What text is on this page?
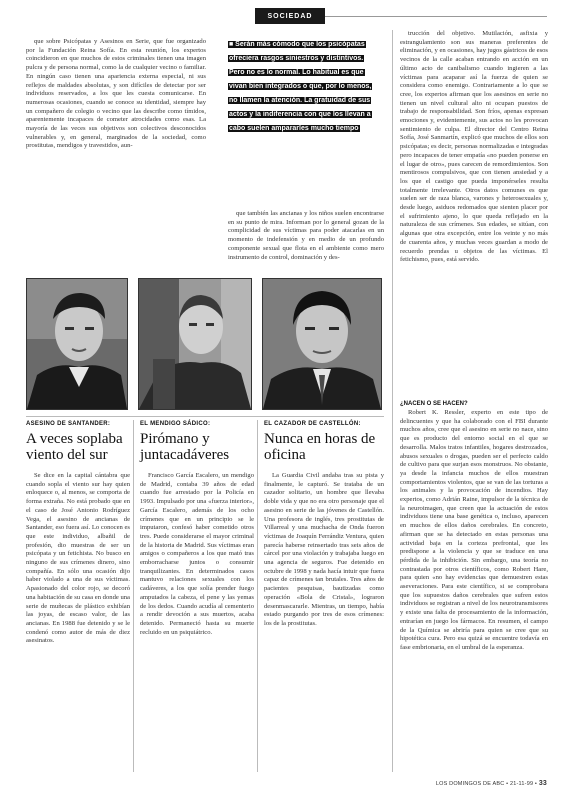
SOCIEDAD

que sobre Psicópatas y Asesinos en Serie, que fue organizado por la Fundación Reina Sofía. En esta reunión, los expertos coincidieron en que muchos de estos criminales tienen una imagen pulcra y de persona normal, como la de cualquier vecino o familiar. En ningún caso tienen una apariencia externa especial, ni sus reflejos de maldades absolutas, y son difíciles de detectar por ser individuos reservados, a los que les cuesta comunicarse. En numerosas ocasiones, cuando se conoce su identidad, siempre hay un compañero de colegio o vecino que las describe como tímidos, aparentemente incapaces de cometer atrocidades como esas. La mayoría de las veces sus objetivos son colectivos desconocidos vulnerables y, en general, marginados de la sociedad, como prostitutas, mendigos y travestidos, aun-

■ Serán más cómodo que los psicópatas
ofreciera rasgos siniestros y distintivos.
Pero no es lo normal. Lo habitual es que
vivan bien integrados o que, por lo menos,
no llamen la atención. La gratuidad de sus
actos y la indiferencia con que los llevan a
cabo suelen ampararles mucho tiempo

que también las ancianas y los niños suelen encontrarse en su punto de mira. Informan por lo general gozan de la complicidad de sus víctimas para poder atacarlas en un momento de indefensión y en medio de un profundo componente sexual que flota en el ambiente como mero instrumento de control, dominación y des-

trucción del objetivo. Mutilación, asfixia y estrangulamiento son sus maneras preferentes de eliminación, y en ocasiones, hay jugos gástricos de esos vecinos de la calle acaban entrando en acción en un último acto de canibalismo cuando ingieren a las víctimas para acaparar así la fuerza de quien se considera como enemigo. Contrariamente a lo que se cree, los expertos afirman que los asesinos en serie no tienen un nivel cultural alto ni ocupan puestos de trabajo de responsabilidad. Son fríos, apenas expresan emociones y, evidentemente, sus actos no les provocan sentimiento de culpa. El director del Centro Reina Sofía, José Sanmartín, explicó que muchos de ellos son psicópatas; es decir, personas normalizadas e integradas pero incapaces de tener empatía «no pueden ponerse en el lugar de otro», pues carecen de remordimientos. Son mentirosos compulsivos, que con tienen ansiedad y a los que el castigo que pueda imponérseles resulta totalmente irrelevante. Otros datos comunes es que suelen ser de raza blanca, varones y heterosexuales y, desde luego, asiduos redomados que sienten placer por el sufrimiento ajeno, lo que queda reflejado en la naturaleza de sus crímenes. Sus edades, se sitúan, con algunas que otra excepción, entre los veinte y no más de cuarenta años, y muchas veces guardan a modo de recuerdo prendas u objetos de las víctimas. El fetichismo, pues, está servido.

¿NACEN O SE HACEN?

Robert K. Ressler, experto en este tipo de delincuentes y que ha colaborado con el FBI durante muchos años, cree que el asesino en serie no nace, sino que es producto del entorno social en el que se desarrolla. Malos tratos infantiles, hogares destrozados, abusos sexuales o drogas, pueden ser el perfecto caldo de cultivo para que surjan esos monstruos. No obstante, ya desde la infancia muchos de ellos muestran comportamientos violentos, que se van de las torturas a los animales y la provocación de incendios. Hay expertos, como Adrián Raine, impulsor de la técnica de la neuroimagen, que creen que la actuación de estos individuos tiene una base genética o, incluso, aparecen en muchos de ellos daños cerebrales. En concreto, afirman que se ha detectado en estas personas una actividad baja en la corteza prefrontal, que les predispone a la violencia y que se traduce en una pérdida de la inhibición. Sin embargo, una teoría no contrastada por otros científicos, como Robert Hare, para quien «no hay evidencias que demuestren estas aseveraciones. Para este científico, si se comprobara que los supuestos daños cerebrales que sufren estos individuos se registran a nivel de los neurotransmisores y existe una falta de procesamiento de la información, entrarían en juego los fármacos. En resumen, el campo de la Química se abriría para quien se cree que su hipotética cura. Pero esa quizá se encuentre todavía en fase embrionaria, en el umbral de la esperanza.

ASESINO DE SANTANDER:
A veces soplaba viento del sur

Se dice en la capital cántabra que cuando sopla el viento sur hay quien enloquece o, al menos, se comporta de forma extraña. No está probado que en el caso de José Antonio Rodríguez Vega, el asesino de ancianas de Santander, eso fuera así. Lo conocen es que este individuo, albañil de profesión, dio muestras de ser un psicópata y un fetichista. No busco en ninguno de sus crímenes dinero, sino compañía. En sólo una ocasión dijo haber violado a una de sus víctimas. Apasionado del color rojo, se decoró una habitación de su casa en donde una serie de muñecas de plástico exhibían las joyas, de escaso valor, de las ancianas. En 1988 fue detenido y se le condenó como autor de más de diez asesinatos.

EL MENDIGO SÁDICO:
Pirómano y juntacadáveres

Francisco García Escalero, un mendigo de Madrid, contaba 39 años de edad cuando fue arrestado por la Policía en 1993. Impulsado por una «fuerza interior», García Escalero, además de los ocho crímenes que en un principio se le imputaron, confesó haber cometido otros tres. Puede considerarse el mayor criminal de la historia de Madrid. Sus víctimas eran amigos o compañeros a los que mató tras emborracharse juntos o consumir tranquilizantes. En determinados casos mantuvo relaciones sexuales con los cadáveres, a los que solía prender fuego amputados la cabeza, el pene y las yemas de los dedos. Cuando acudía al cementerio a rendir devoción a sus muertos, acaba detenido. Permaneció hasta su muerte recluido en un psiquiátrico.

EL CAZADOR DE CASTELLÓN:
Nunca en horas de oficina

La Guardia Civil andaba tras su pista y finalmente, le capturó. Se trataba de un cazador solitario, un hombre que llevaba doble vida y que no era otro personaje que el asesino en serie de las jóvenes de Castellón. Una profesora de inglés, tres prostitutas de Villarreal y una muchacha de Onda fueron víctimas de Joaquín Ferrándiz Ventura, quien parecía haberse reinsertado tras seis años de cárcel por una violación y trabajaba luego en una agencia de seguros. Fue detenido en octubre de 1998 y nada hacía intuir que fuera capaz de crímenes tan brutales. Tres años de pacientes pesquisas, bautizadas como operación «Bola de Cristal», lograron desenmascararle. Mientras, un tiempo, había estado purgando por tres de esos crímenes: los de la prostitutas.

LOS DOMINGOS DE ABC • 21-11-99 • 33
